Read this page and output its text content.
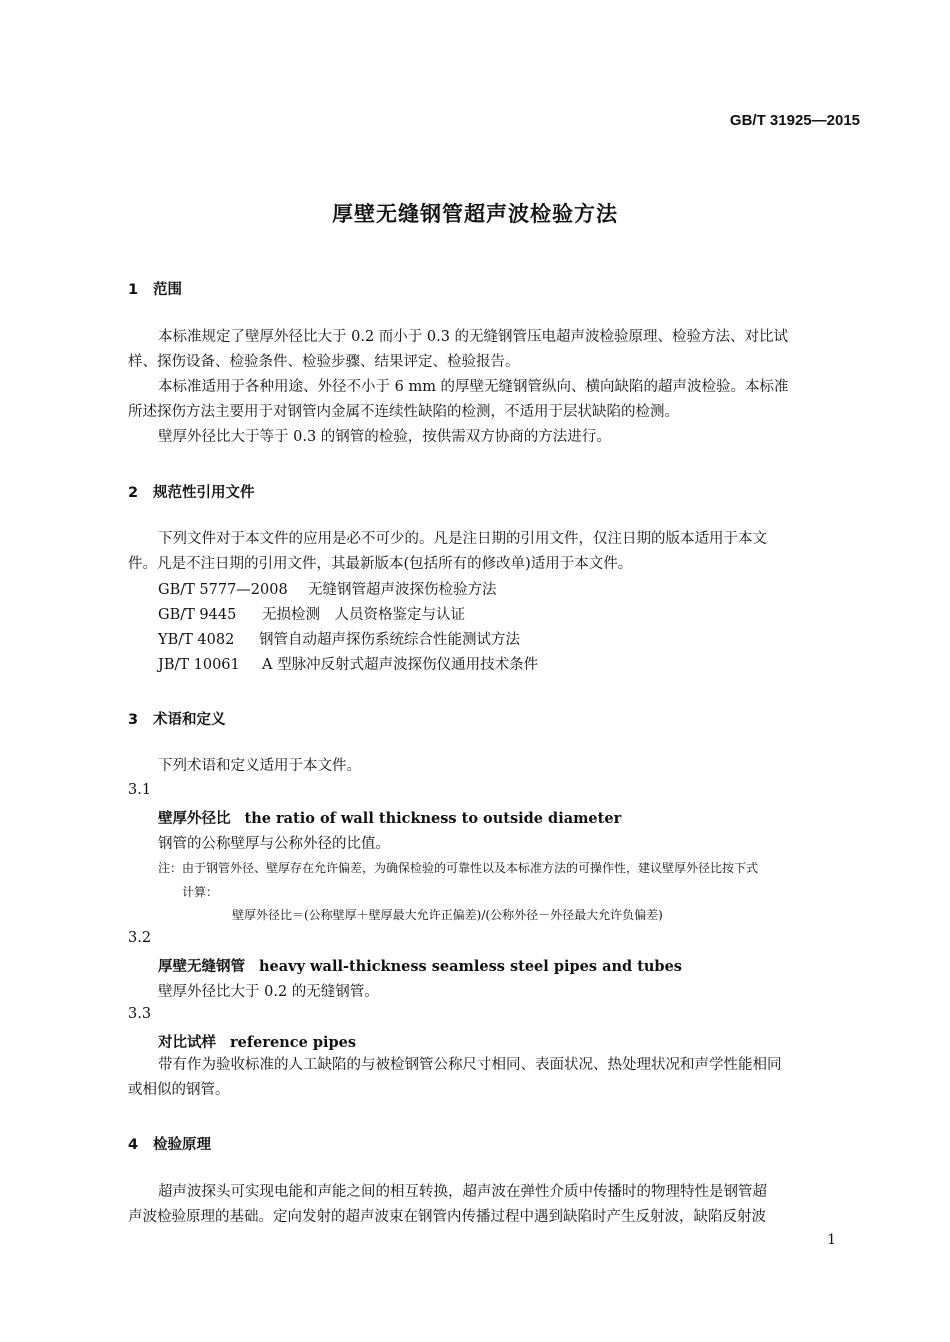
GB/T 31925—2015
厚壁无缝钢管超声波检验方法
1 范围
本标准规定了壁厚外径比大于 0.2 而小于 0.3 的无缝钢管压电超声波检验原理、检验方法、对比试
样、探伤设备、检验条件、检验步骤、结果评定、检验报告。
本标准适用于各种用途、外径不小于 6 mm 的厚壁无缝钢管纵向、横向缺陷的超声波检验。本标准
所述探伤方法主要用于对钢管内金属不连续性缺陷的检测，不适用于层状缺陷的检测。
壁厚外径比大于等于 0.3 的钢管的检验，按供需双方协商的方法进行。
2 规范性引用文件
下列文件对于本文件的应用是必不可少的。凡是注日期的引用文件，仅注日期的版本适用于本文
件。凡是不注日期的引用文件，其最新版本(包括所有的修改单)适用于本文件。
GB/T 5777—2008 无缝钢管超声波探伤检验方法
GB/T 9445 无损检测　人员资格鉴定与认证
YB/T 4082 钢管自动超声探伤系统综合性能测试方法
JB/T 10061 A 型脉冲反射式超声波探伤仪通用技术条件
3 术语和定义
下列术语和定义适用于本文件。
3.1
壁厚外径比 the ratio of wall thickness to outside diameter
钢管的公称壁厚与公称外径的比值。
注：由于钢管外径、壁厚存在允许偏差，为确保检验的可靠性以及本标准方法的可操作性，建议壁厚外径比按下式
计算：
壁厚外径比＝(公称壁厚＋壁厚最大允许正偏差)/(公称外径－外径最大允许负偏差)
3.2
厚壁无缝钢管 heavy wall-thickness seamless steel pipes and tubes
壁厚外径比大于 0.2 的无缝钢管。
3.3
对比试样 reference pipes
带有作为验收标准的人工缺陷的与被检钢管公称尺寸相同、表面状况、热处理状况和声学性能相同
或相似的钢管。
4 检验原理
超声波探头可实现电能和声能之间的相互转换，超声波在弹性介质中传播时的物理特性是钢管超
声波检验原理的基础。定向发射的超声波束在钢管内传播过程中遇到缺陷时产生反射波，缺陷反射波
1
